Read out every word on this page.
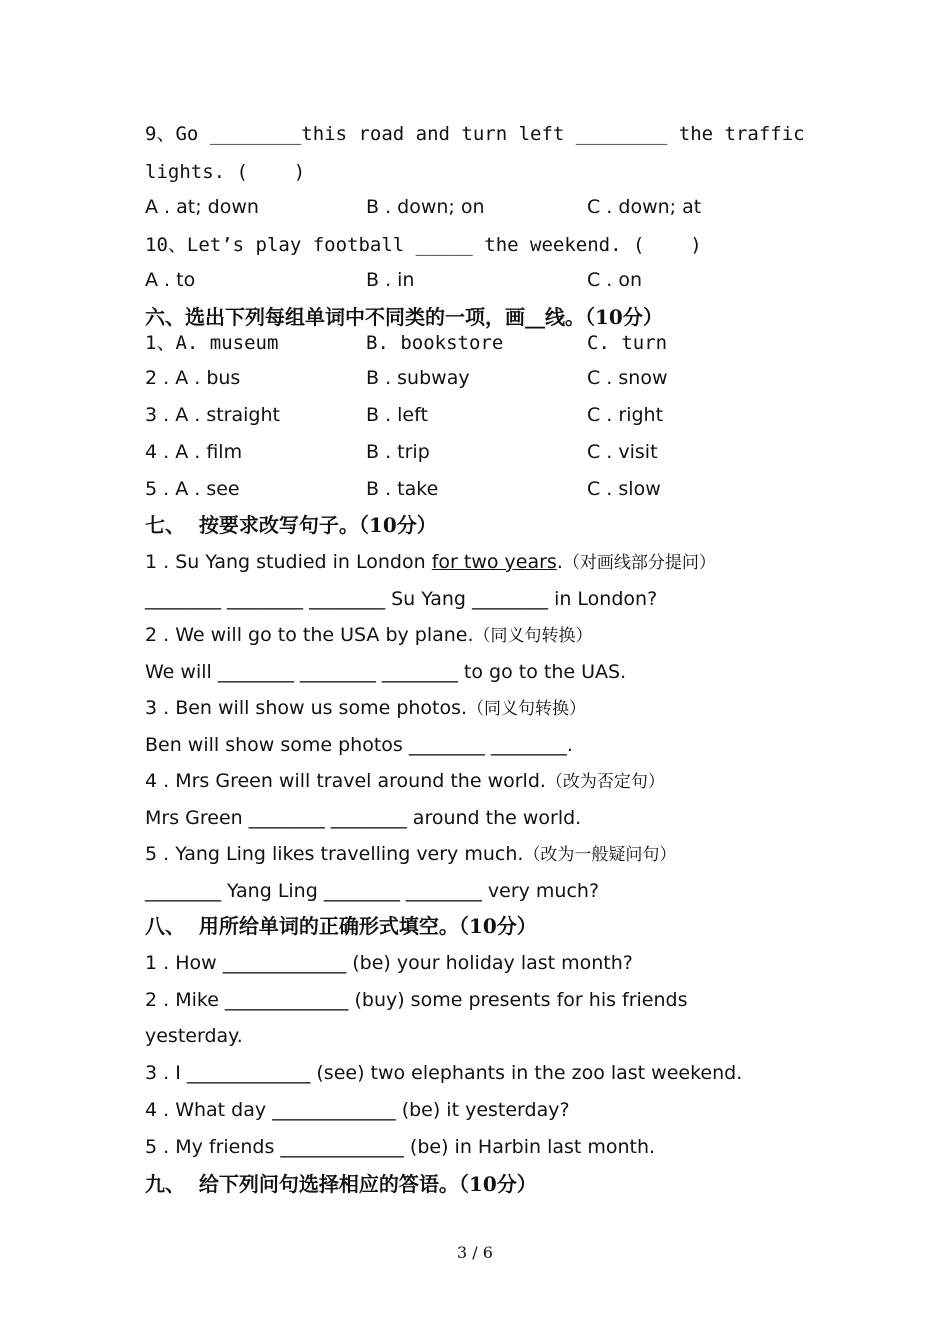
9、Go ________this road and turn left ________ the traffic
lights. (    )
A . at; down	B . down; on	C . down; at
10、Let’s play football _____ the weekend. (    )
A . to	B . in	C . on
六、选出下列每组单词中不同类的一项，画__线。（10分）
1、A. museum	B. bookstore	C. turn
2 . A . bus	B . subway	C . snow
3 . A . straight	B . left	C . right
4 . A . film	B . trip	C . visit
5 . A . see	B . take	C . slow
七、  按要求改写句子。（10分）
1 . Su Yang studied in London for two years.（对画线部分提问）
________ ________ ________ Su Yang ________ in London?
2 . We will go to the USA by plane.（同义句转换）
We will ________ ________ ________ to go to the UAS.
3 . Ben will show us some photos.（同义句转换）
Ben will show some photos ________ ________.
4 . Mrs Green will travel around the world.（改为否定句）
Mrs Green ________ ________ around the world.
5 . Yang Ling likes travelling very much.（改为一般疑问句）
________ Yang Ling ________ ________ very much?
八、  用所给单词的正确形式填空。（10分）
1 . How _____________ (be) your holiday last month?
2 . Mike _____________ (buy) some presents for his friends
yesterday.
3 . I _____________ (see) two elephants in the zoo last weekend.
4 . What day _____________ (be) it yesterday?
5 . My friends _____________ (be) in Harbin last month.
九、  给下列问句选择相应的答语。（10分）
3 / 6
